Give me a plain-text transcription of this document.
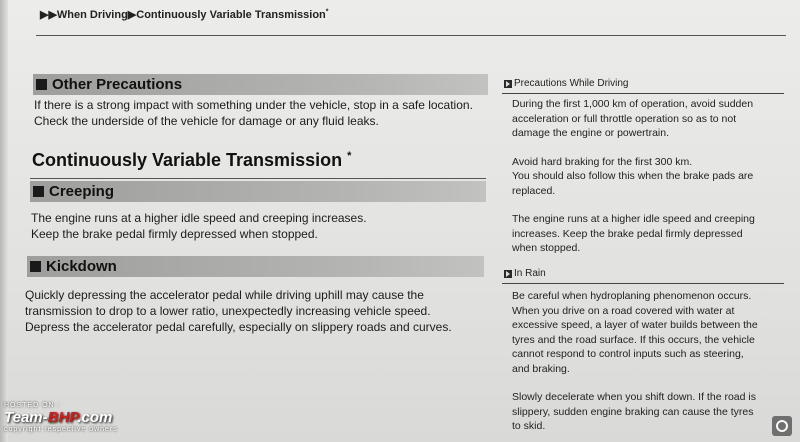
▶▶When Driving▶Continuously Variable Transmission*
Other Precautions
If there is a strong impact with something under the vehicle, stop in a safe location.
Check the underside of the vehicle for damage or any fluid leaks.
Continuously Variable Transmission *
Creeping
The engine runs at a higher idle speed and creeping increases.
Keep the brake pedal firmly depressed when stopped.
Kickdown
Quickly depressing the accelerator pedal while driving uphill may cause the
transmission to drop to a lower ratio, unexpectedly increasing vehicle speed.
Depress the accelerator pedal carefully, especially on slippery roads and curves.
Precautions While Driving
During the first 1,000 km of operation, avoid sudden
acceleration or full throttle operation so as to not
damage the engine or powertrain.
Avoid hard braking for the first 300 km.
You should also follow this when the brake pads are
replaced.
The engine runs at a higher idle speed and creeping
increases. Keep the brake pedal firmly depressed
when stopped.
In Rain
Be careful when hydroplaning phenomenon occurs.
When you drive on a road covered with water at
excessive speed, a layer of water builds between the
tyres and the road surface. If this occurs, the vehicle
cannot respond to control inputs such as steering,
and braking.
Slowly decelerate when you shift down. If the road is
slippery, sudden engine braking can cause the tyres
to skid.
HOSTED ON :
Team-BHP.com
copyright respective owners
